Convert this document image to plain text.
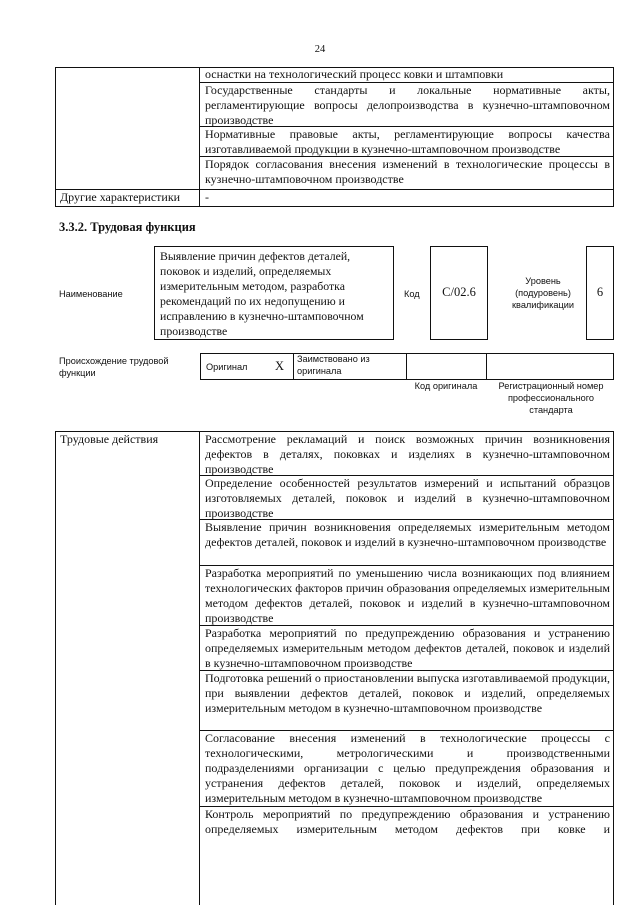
24
оснастки на технологический процесс ковки и штамповки
Государственные стандарты и локальные нормативные акты, регламентирующие вопросы делопроизводства в кузнечно-штамповочном производстве
Нормативные правовые акты, регламентирующие вопросы качества изготавливаемой продукции в кузнечно-штамповочном производстве
Порядок согласования внесения изменений в технологические процессы в кузнечно-штамповочном производстве
Другие характеристики	-
3.3.2. Трудовая функция
Наименование
Выявление причин дефектов деталей, поковок и изделий, определяемых измерительным методом, разработка рекомендаций по их недопущению и исправлению в кузнечно-штамповочном производстве
Код	C/02.6
Уровень (подуровень) квалификации
6
Происхождение трудовой функции
Оригинал X Заимствовано из оригинала
Код оригинала	Регистрационный номер профессионального стандарта
Трудовые действия	Рассмотрение рекламаций и поиск возможных причин возникновения дефектов в деталях, поковках и изделиях в кузнечно-штамповочном производстве
Определение особенностей результатов измерений и испытаний образцов изготовляемых деталей, поковок и изделий в кузнечно-штамповочном производстве
Выявление причин возникновения определяемых измерительным методом дефектов деталей, поковок и изделий в кузнечно-штамповочном производстве
Разработка мероприятий по уменьшению числа возникающих под влиянием технологических факторов причин образования определяемых измерительным методом дефектов деталей, поковок и изделий в кузнечно-штамповочном производстве
Разработка мероприятий по предупреждению образования и устранению определяемых измерительным методом дефектов деталей, поковок и изделий в кузнечно-штамповочном производстве
Подготовка решений о приостановлении выпуска изготавливаемой продукции, при выявлении дефектов деталей, поковок и изделий, определяемых измерительным методом в кузнечно-штамповочном производстве
Согласование внесения изменений в технологические процессы с технологическими, метрологическими и производственными подразделениями организации с целью предупреждения образования и устранения дефектов деталей, поковок и изделий, определяемых измерительным методом в кузнечно-штамповочном производстве
Контроль мероприятий по предупреждению образования и устранению определяемых измерительным методом дефектов при ковке и
